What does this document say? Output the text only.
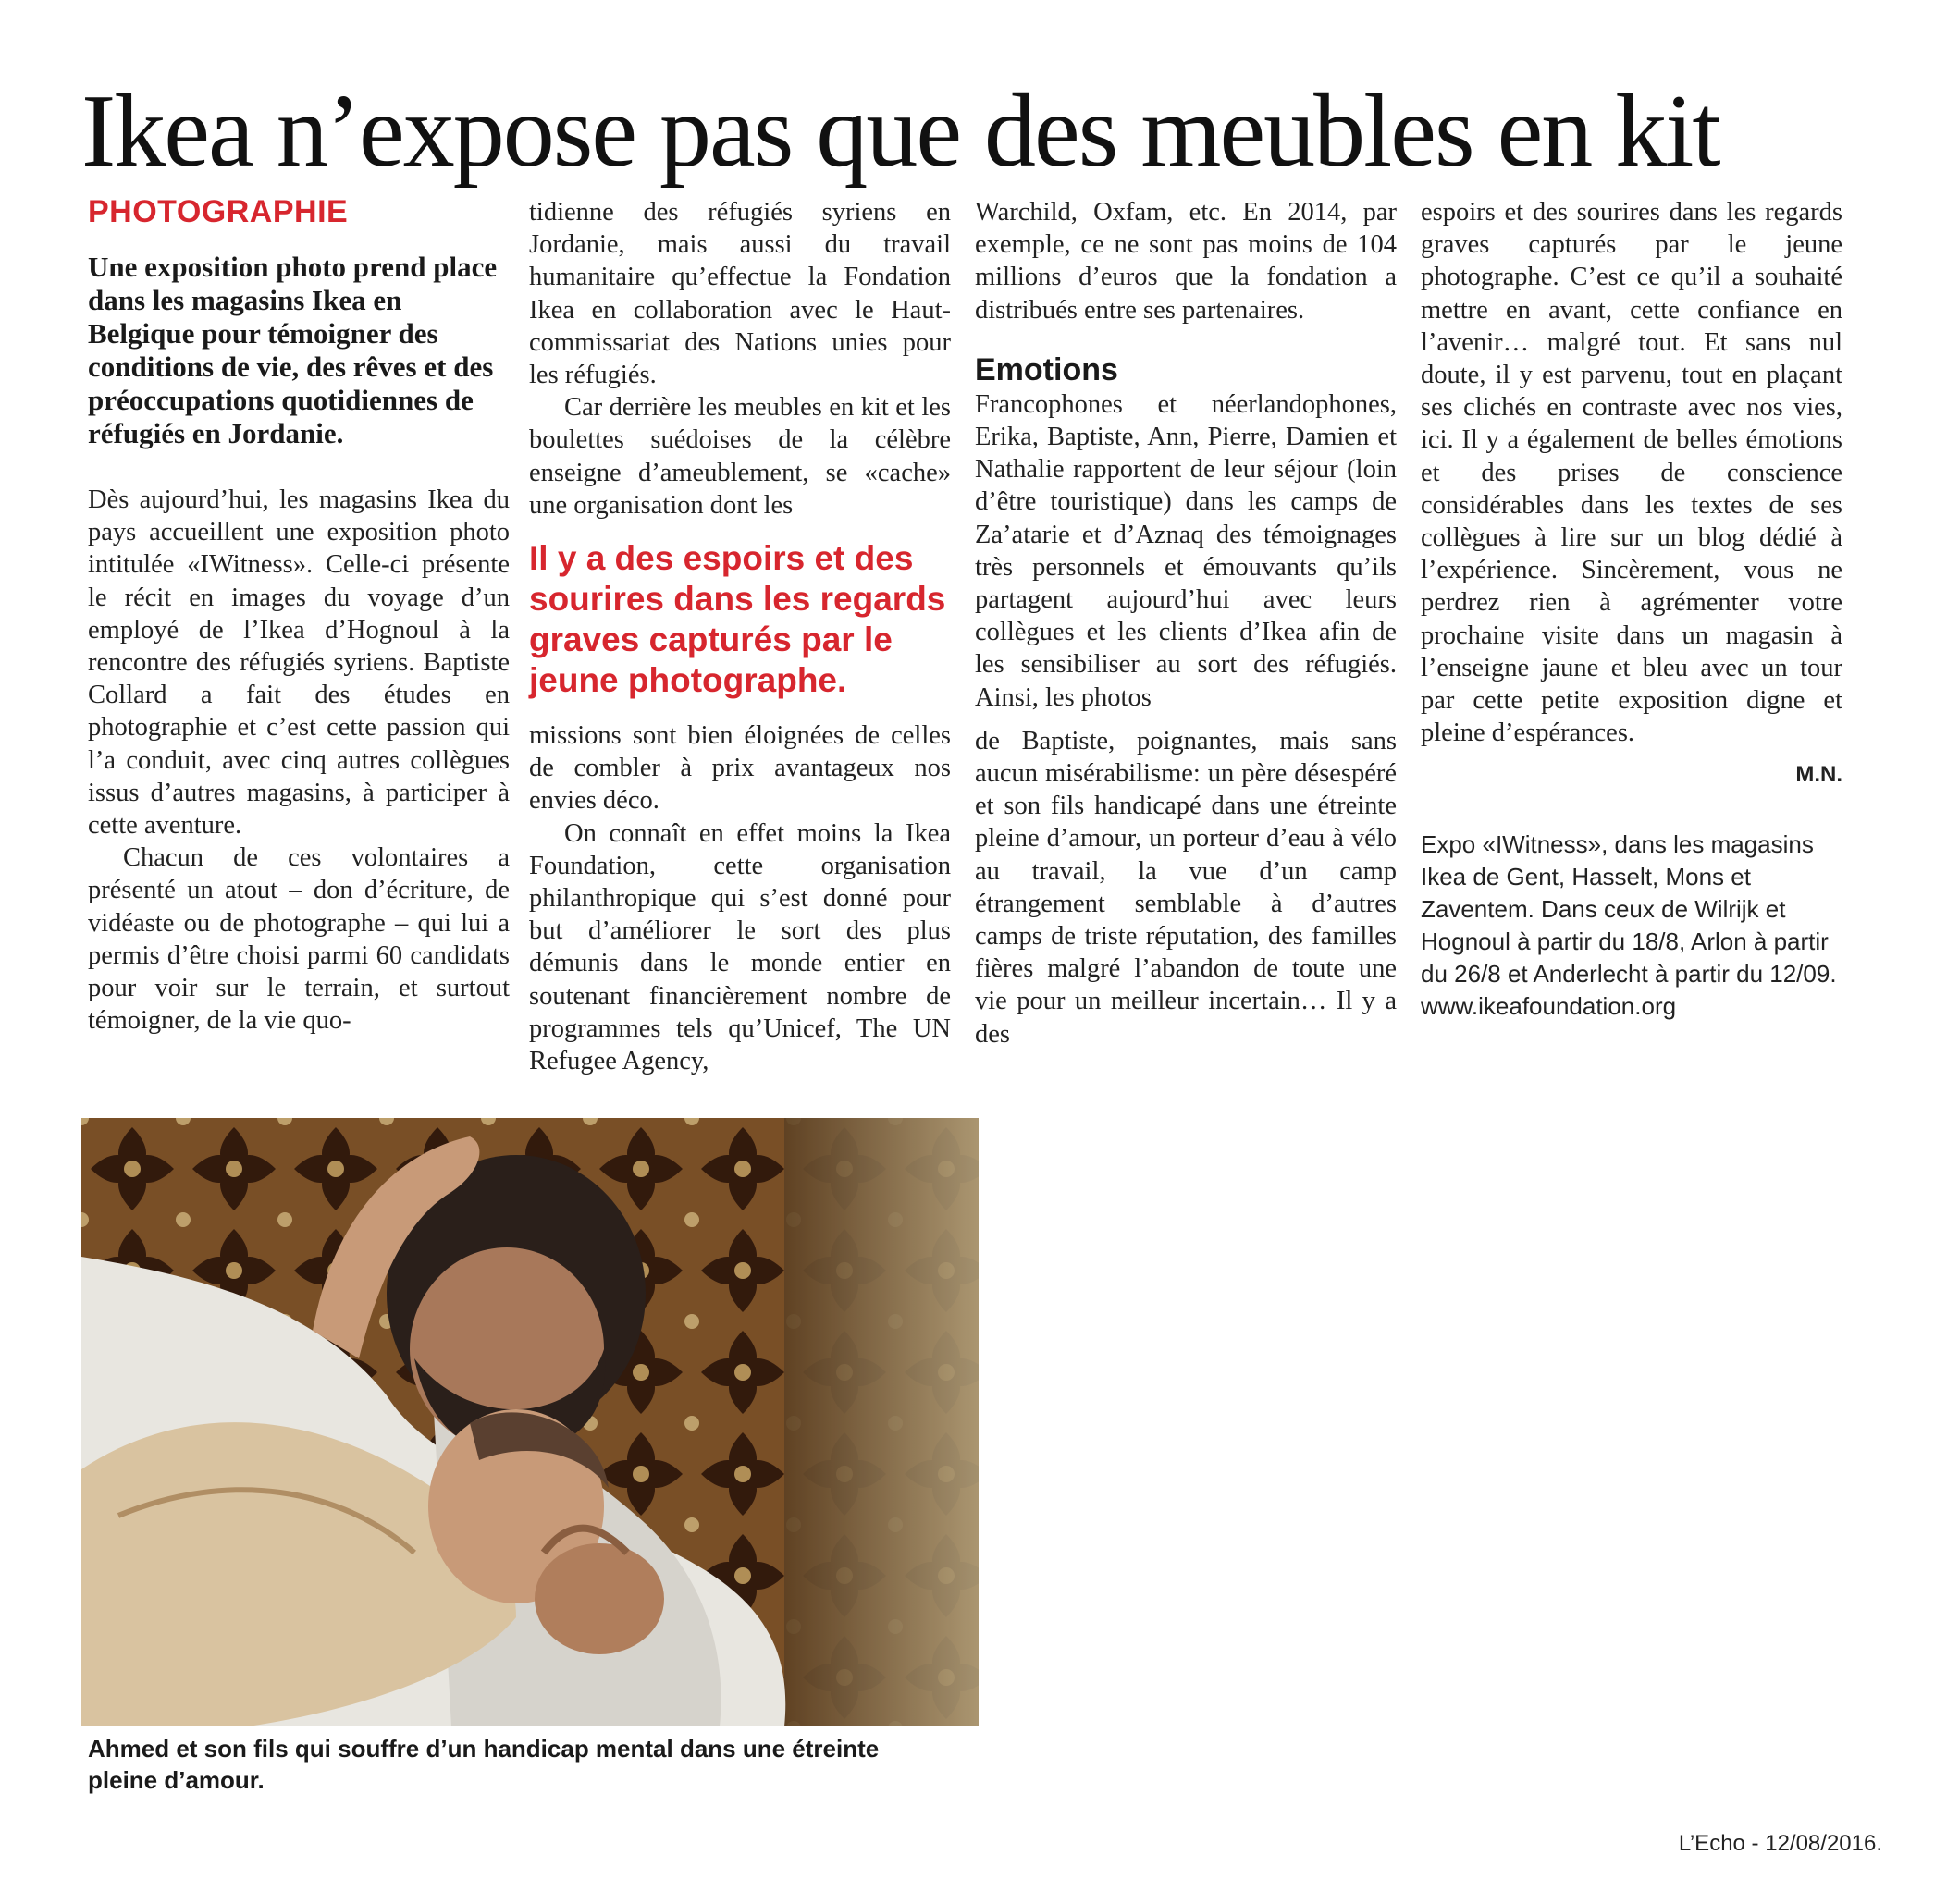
Ikea n’expose pas que des meubles en kit

PHOTOGRAPHIE

Une exposition photo prend place dans les magasins Ikea en Belgique pour témoigner des conditions de vie, des rêves et des préoccupations quotidiennes de réfugiés en Jordanie.

Dès aujourd’hui, les magasins Ikea du pays accueillent une exposition photo intitulée «IWitness». Celle-ci présente le récit en images du voyage d’un employé de l’Ikea d’Hognoul à la rencontre des réfugiés syriens. Baptiste Collard a fait des études en photographie et c’est cette passion qui l’a conduit, avec cinq autres collègues issus d’autres magasins, à participer à cette aventure.

Chacun de ces volontaires a présenté un atout – don d’écriture, de vidéaste ou de photographe – qui lui a permis d’être choisi parmi 60 candidats pour voir sur le terrain, et surtout témoigner, de la vie quo-

tidienne des réfugiés syriens en Jordanie, mais aussi du travail humanitaire qu’effectue la Fondation Ikea en collaboration avec le Haut-commissariat des Nations unies pour les réfugiés.

Car derrière les meubles en kit et les boulettes suédoises de la célèbre enseigne d’ameublement, se «cache» une organisation dont les

Il y a des espoirs et des sourires dans les regards graves capturés par le jeune photographe.

missions sont bien éloignées de celles de combler à prix avantageux nos envies déco.

On connaît en effet moins la Ikea Foundation, cette organisation philanthropique qui s’est donné pour but d’améliorer le sort des plus démunis dans le monde entier en soutenant financièrement nombre de programmes tels qu’Unicef, The UN Refugee Agency,

Warchild, Oxfam, etc. En 2014, par exemple, ce ne sont pas moins de 104 millions d’euros que la fondation a distribués entre ses partenaires.

Emotions

Francophones et néerlandophones, Erika, Baptiste, Ann, Pierre, Damien et Nathalie rapportent de leur séjour (loin d’être touristique) dans les camps de Za’atarie et d’Aznaq des témoignages très personnels et émouvants qu’ils partagent aujourd’hui avec leurs collègues et les clients d’Ikea afin de les sensibiliser au sort des réfugiés. Ainsi, les photos

de Baptiste, poignantes, mais sans aucun misérabilisme: un père désespéré et son fils handicapé dans une étreinte pleine d’amour, un porteur d’eau à vélo au travail, la vue d’un camp étrangement semblable à d’autres camps de triste réputation, des familles fières malgré l’abandon de toute une vie pour un meilleur incertain… Il y a des

espoirs et des sourires dans les regards graves capturés par le jeune photographe. C’est ce qu’il a souhaité mettre en avant, cette confiance en l’avenir… malgré tout. Et sans nul doute, il y est parvenu, tout en plaçant ses clichés en contraste avec nos vies, ici. Il y a également de belles émotions et des prises de conscience considérables dans les textes de ses collègues à lire sur un blog dédié à l’expérience. Sincèrement, vous ne perdrez rien à agrémenter votre prochaine visite dans un magasin à l’enseigne jaune et bleu avec un tour par cette petite exposition digne et pleine d’espérances.

M.N.

Expo «IWitness», dans les magasins Ikea de Gent, Hasselt, Mons et Zaventem. Dans ceux de Wilrijk et Hognoul à partir du 18/8, Arlon à partir du 26/8 et Anderlecht à partir du 12/09.

www.ikeafoundation.org

Ahmed et son fils qui souffre d’un handicap mental dans une étreinte pleine d’amour.

L’Echo - 12/08/2016.
